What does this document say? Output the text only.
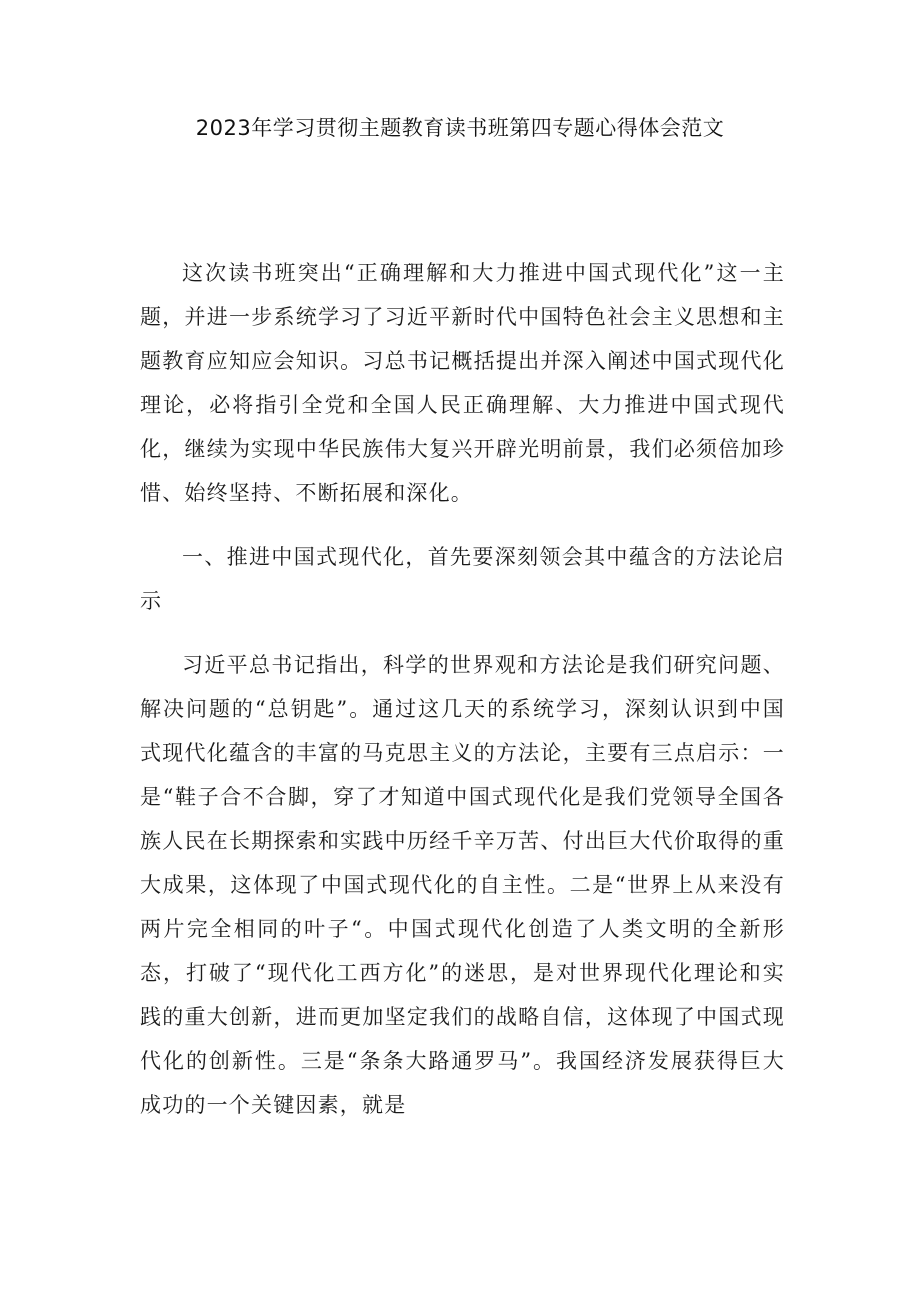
2023年学习贯彻主题教育读书班第四专题心得体会范文

这次读书班突出“正确理解和大力推进中国式现代化”这一主题，并进一步系统学习了习近平新时代中国特色社会主义思想和主题教育应知应会知识。习总书记概括提出并深入阐述中国式现代化理论，必将指引全党和全国人民正确理解、大力推进中国式现代化，继续为实现中华民族伟大复兴开辟光明前景，我们必须倍加珍惜、始终坚持、不断拓展和深化。

一、推进中国式现代化，首先要深刻领会其中蕴含的方法论启示

习近平总书记指出，科学的世界观和方法论是我们研究问题、解决问题的“总钥匙”。通过这几天的系统学习，深刻认识到中国式现代化蕴含的丰富的马克思主义的方法论，主要有三点启示：一是“鞋子合不合脚，穿了才知道中国式现代化是我们党领导全国各族人民在长期探索和实践中历经千辛万苦、付出巨大代价取得的重大成果，这体现了中国式现代化的自主性。二是“世界上从来没有两片完全相同的叶子“。中国式现代化创造了人类文明的全新形态，打破了“现代化工西方化”的迷思，是对世界现代化理论和实践的重大创新，进而更加坚定我们的战略自信，这体现了中国式现代化的创新性。三是“条条大路通罗马”。我国经济发展获得巨大成功的一个关键因素，就是
